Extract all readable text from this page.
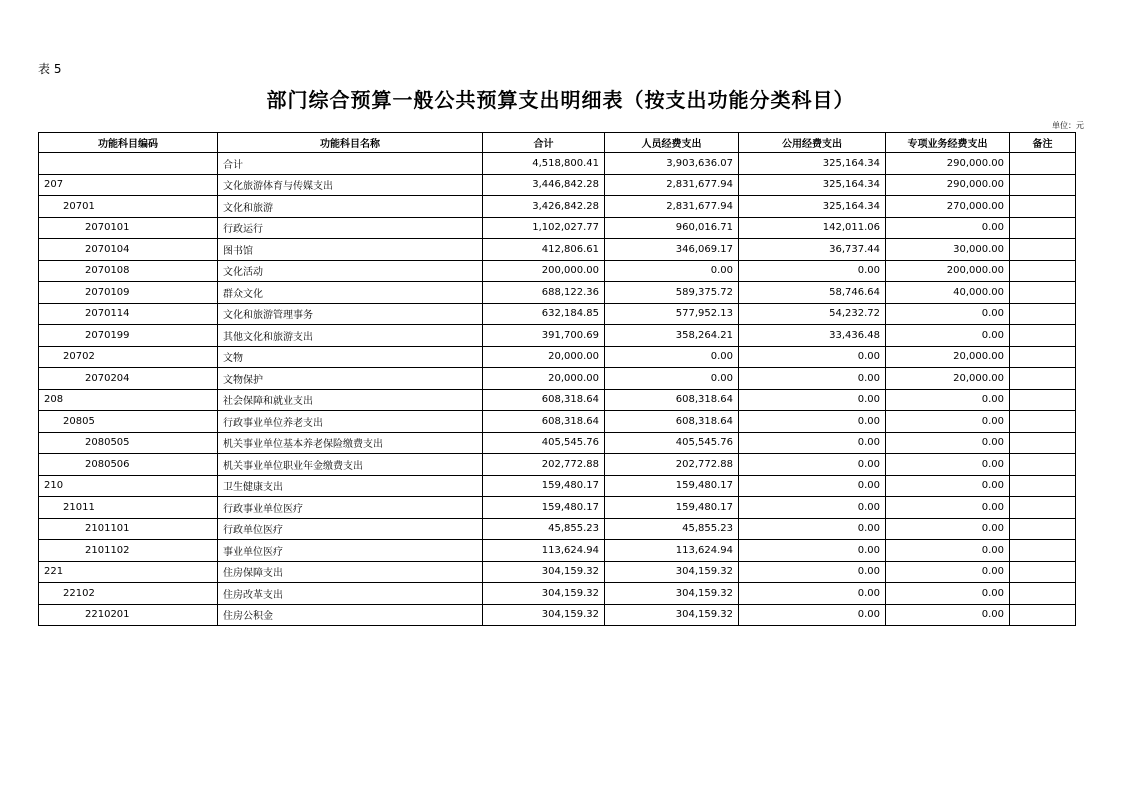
表 5
部门综合预算一般公共预算支出明细表（按支出功能分类科目）
单位：元
功能科目编码	功能科目名称	合计	人员经费支出	公用经费支出	专项业务经费支出	备注
	合计	4,518,800.41	3,903,636.07	325,164.34	290,000.00	
207	文化旅游体育与传媒支出	3,446,842.28	2,831,677.94	325,164.34	290,000.00	
20701	文化和旅游	3,426,842.28	2,831,677.94	325,164.34	270,000.00	
2070101	行政运行	1,102,027.77	960,016.71	142,011.06	0.00	
2070104	图书馆	412,806.61	346,069.17	36,737.44	30,000.00	
2070108	文化活动	200,000.00	0.00	0.00	200,000.00	
2070109	群众文化	688,122.36	589,375.72	58,746.64	40,000.00	
2070114	文化和旅游管理事务	632,184.85	577,952.13	54,232.72	0.00	
2070199	其他文化和旅游支出	391,700.69	358,264.21	33,436.48	0.00	
20702	文物	20,000.00	0.00	0.00	20,000.00	
2070204	文物保护	20,000.00	0.00	0.00	20,000.00	
208	社会保障和就业支出	608,318.64	608,318.64	0.00	0.00	
20805	行政事业单位养老支出	608,318.64	608,318.64	0.00	0.00	
2080505	机关事业单位基本养老保险缴费支出	405,545.76	405,545.76	0.00	0.00	
2080506	机关事业单位职业年金缴费支出	202,772.88	202,772.88	0.00	0.00	
210	卫生健康支出	159,480.17	159,480.17	0.00	0.00	
21011	行政事业单位医疗	159,480.17	159,480.17	0.00	0.00	
2101101	行政单位医疗	45,855.23	45,855.23	0.00	0.00	
2101102	事业单位医疗	113,624.94	113,624.94	0.00	0.00	
221	住房保障支出	304,159.32	304,159.32	0.00	0.00	
22102	住房改革支出	304,159.32	304,159.32	0.00	0.00	
2210201	住房公积金	304,159.32	304,159.32	0.00	0.00	
